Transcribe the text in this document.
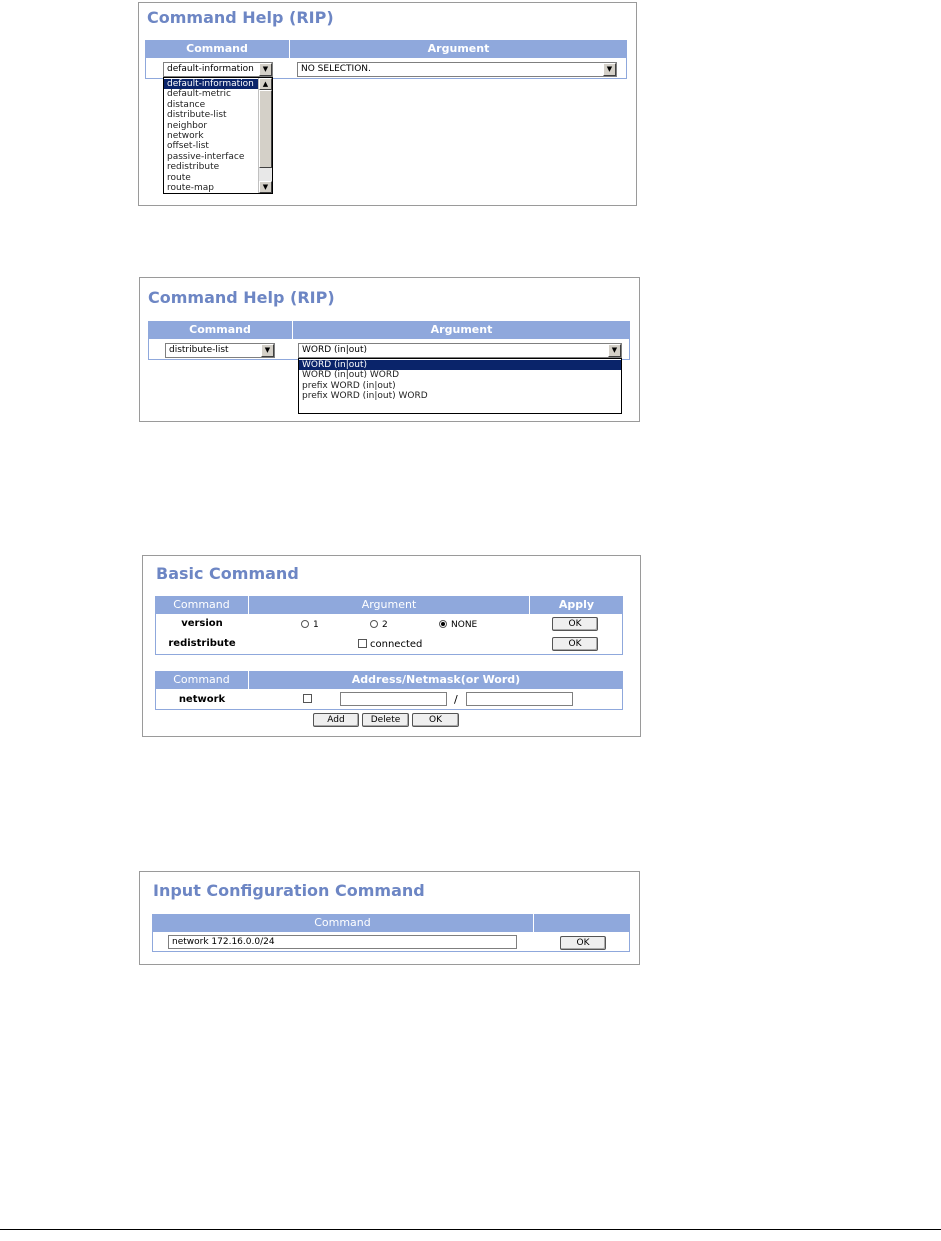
Command Help (RIP)
Command	Argument
default-information	▼	NO SELECTION.	▼
default-information
default-metric
distance
distribute-list
neighbor
network
offset-list
passive-interface
redistribute
route
route-map
▲
▼
Command Help (RIP)
Command	Argument
distribute-list	▼	WORD (in|out)	▼
WORD (in|out)
WORD (in|out) WORD
prefix WORD (in|out)
prefix WORD (in|out) WORD
Basic Command
Command	Argument	Apply
version	1	2	NONE	OK
redistribute	connected	OK
Command	Address/Netmask(or Word)
network	/
Add	Delete	OK
Input Configuration Command
Command
network 172.16.0.0/24	OK
